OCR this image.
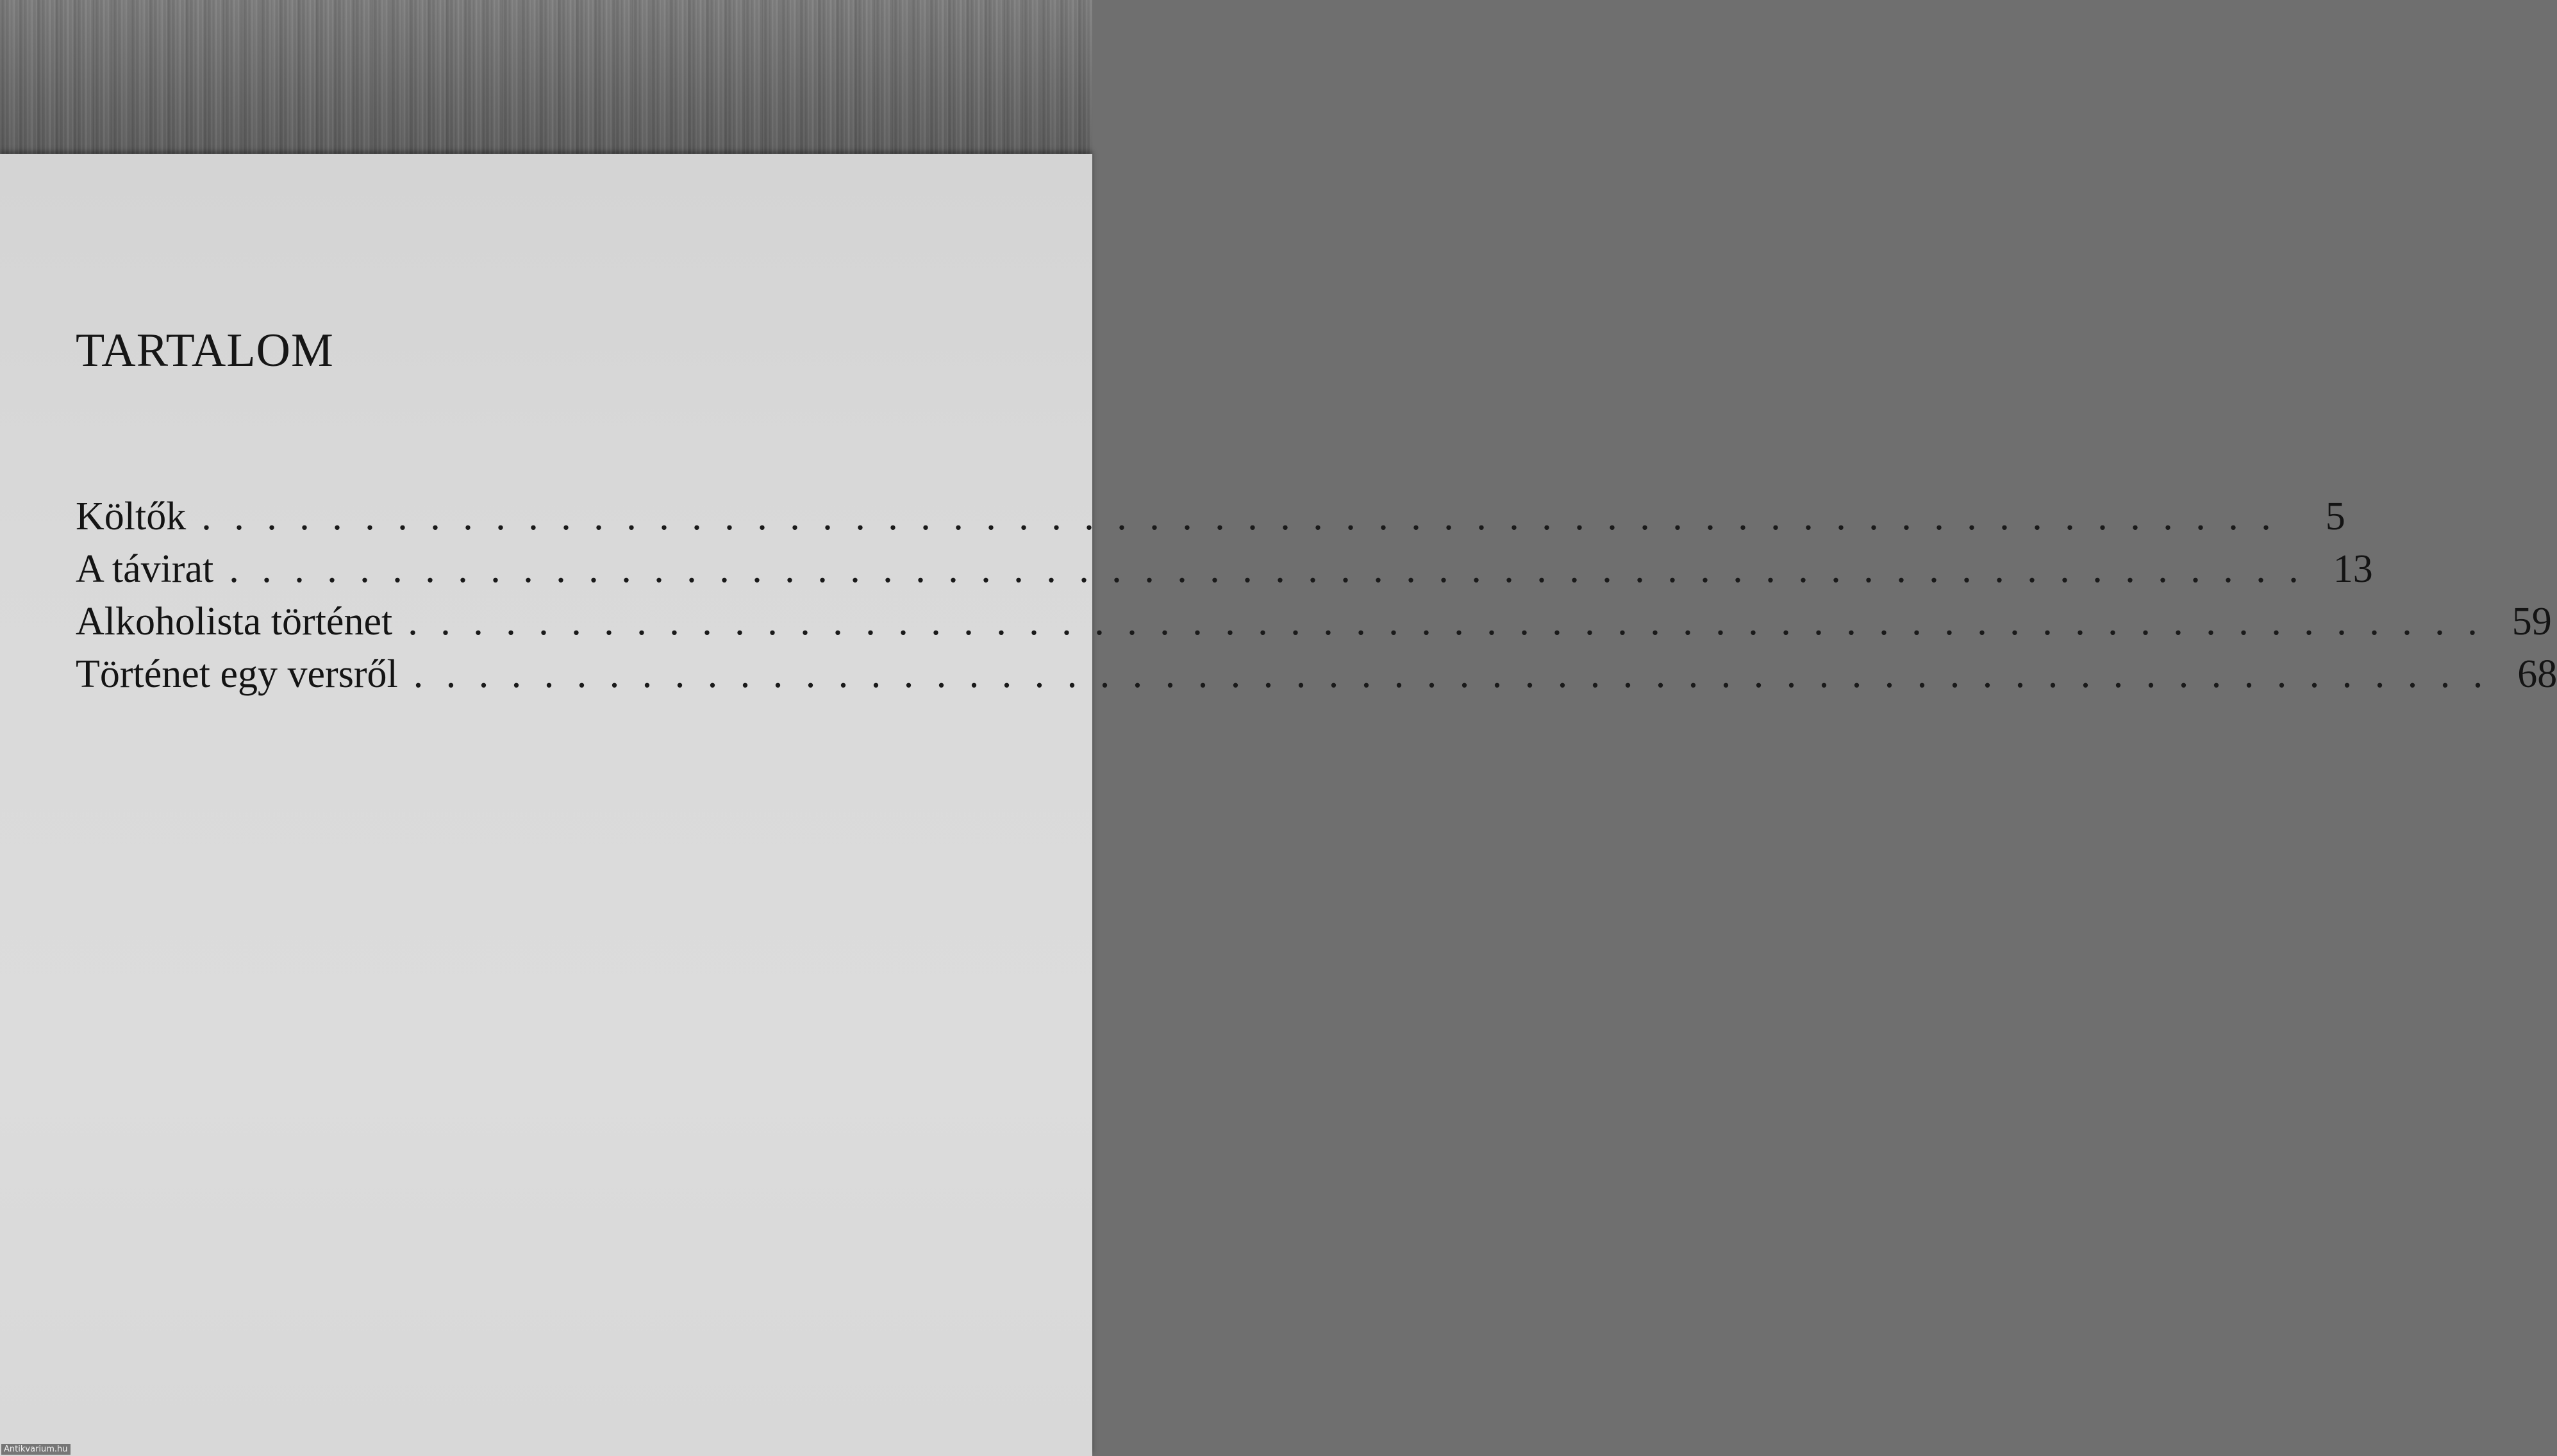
TARTALOM
Költők . . . . . . . . . . . . . . . . . . . . . . . . . . . . . . . . . . . . . . . . . . . . . . . . . . . . . . . . . . . . . . . .	5
A távirat . . . . . . . . . . . . . . . . . . . . . . . . . . . . . . . . . . . . . . . . . . . . . . . . . . . . . . . . . . . . . . . . 13
Alkoholista történet . . . . . . . . . . . . . . . . . . . . . . . . . . . . . . . . . . . . . . . . . . . . . . . . . . . . . . . . . . . . . . . . 59
Történet egy versről . . . . . . . . . . . . . . . . . . . . . . . . . . . . . . . . . . . . . . . . . . . . . . . . . . . . . . . . . . . . . . . . 68
Antikvarium.hu
